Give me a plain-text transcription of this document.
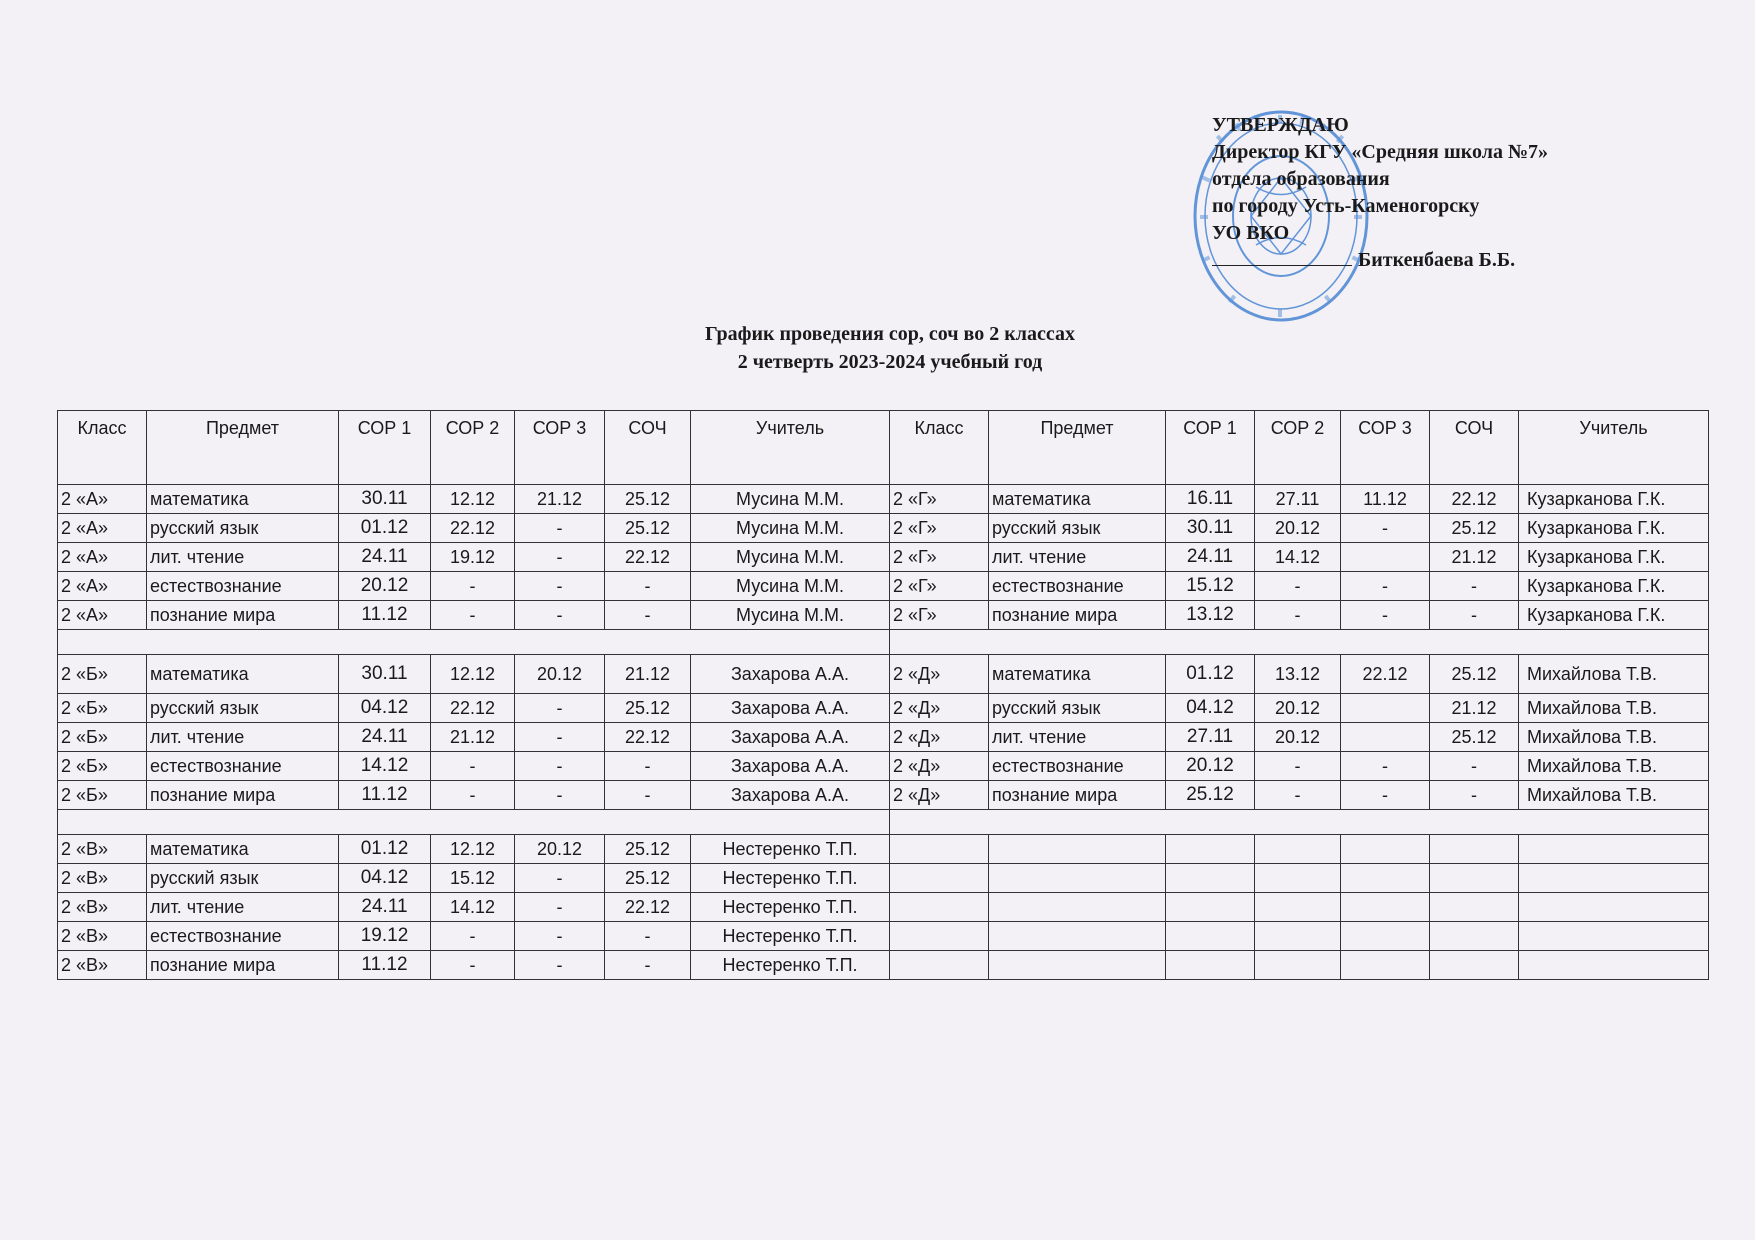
УТВЕРЖДАЮ
Директор КГУ «Средняя школа №7»
отдела образования
по городу Усть-Каменогорску
УО ВКО
Биткенбаева Б.Б.
График проведения сор, соч во 2 классах
2 четверть 2023-2024 учебный год
Класс	Предмет	СОР 1	СОР 2	СОР 3	СОЧ	Учитель	Класс	Предмет	СОР 1	СОР 2	СОР 3	СОЧ	Учитель
2 «А»	математика	30.11	12.12	21.12	25.12	Мусина М.М.	2 «Г»	математика	16.11	27.11	11.12	22.12	Кузарканова Г.К.
2 «А»	русский язык	01.12	22.12	-	25.12	Мусина М.М.	2 «Г»	русский язык	30.11	20.12	-	25.12	Кузарканова Г.К.
2 «А»	лит. чтение	24.11	19.12	-	22.12	Мусина М.М.	2 «Г»	лит. чтение	24.11	14.12		21.12	Кузарканова Г.К.
2 «А»	естествознание	20.12	-	-	-	Мусина М.М.	2 «Г»	естествознание	15.12	-	-	-	Кузарканова Г.К.
2 «А»	познание мира	11.12	-	-	-	Мусина М.М.	2 «Г»	познание мира	13.12	-	-	-	Кузарканова Г.К.

2 «Б»	математика	30.11	12.12	20.12	21.12	Захарова А.А.	2 «Д»	математика	01.12	13.12	22.12	25.12	Михайлова Т.В.
2 «Б»	русский язык	04.12	22.12	-	25.12	Захарова А.А.	2 «Д»	русский язык	04.12	20.12		21.12	Михайлова Т.В.
2 «Б»	лит. чтение	24.11	21.12	-	22.12	Захарова А.А.	2 «Д»	лит. чтение	27.11	20.12		25.12	Михайлова Т.В.
2 «Б»	естествознание	14.12	-	-	-	Захарова А.А.	2 «Д»	естествознание	20.12	-	-	-	Михайлова Т.В.
2 «Б»	познание мира	11.12	-	-	-	Захарова А.А.	2 «Д»	познание мира	25.12	-	-	-	Михайлова Т.В.

2 «В»	математика	01.12	12.12	20.12	25.12	Нестеренко Т.П.							
2 «В»	русский язык	04.12	15.12	-	25.12	Нестеренко Т.П.							
2 «В»	лит. чтение	24.11	14.12	-	22.12	Нестеренко Т.П.							
2 «В»	естествознание	19.12	-	-	-	Нестеренко Т.П.							
2 «В»	познание мира	11.12	-	-	-	Нестеренко Т.П.							
